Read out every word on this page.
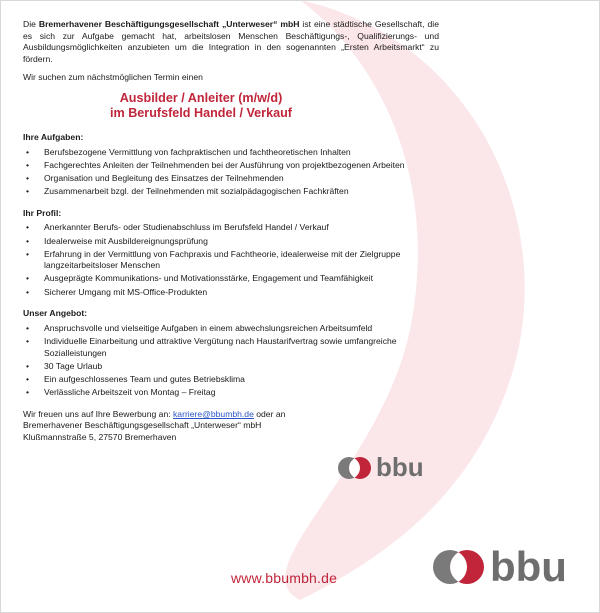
Die Bremerhavener Beschäftigungsgesellschaft „Unterweser“ mbH ist eine städtische Gesellschaft, die es sich zur Aufgabe gemacht hat, arbeitslosen Menschen Beschäftigungs-, Qualifizierungs- und Ausbildungsmöglichkeiten anzubieten um die Integration in den sogenannten „Ersten Arbeitsmarkt“ zu fördern.

Wir suchen zum nächstmöglichen Termin einen

Ausbilder / Anleiter (m/w/d)
im Berufsfeld Handel / Verkauf
Ihre Aufgaben:
• Berufsbezogene Vermittlung von fachpraktischen und fachtheoretischen Inhalten
• Fachgerechtes Anleiten der Teilnehmenden bei der Ausführung von projektbezogenen Arbeiten
• Organisation und Begleitung des Einsatzes der Teilnehmenden
• Zusammenarbeit bzgl. der Teilnehmenden mit sozialpädagogischen Fachkräften
Ihr Profil:
• Anerkannter Berufs- oder Studienabschluss im Berufsfeld Handel / Verkauf
• Idealerweise mit Ausbildereignungsprüfung
• Erfahrung in der Vermittlung von Fachpraxis und Fachtheorie, idealerweise mit der Zielgruppe langzeitarbeitsloser Menschen
• Ausgeprägte Kommunikations- und Motivationsstärke, Engagement und Teamfähigkeit
• Sicherer Umgang mit MS-Office-Produkten
Unser Angebot:
• Anspruchsvolle und vielseitige Aufgaben in einem abwechslungsreichen Arbeitsumfeld
• Individuelle Einarbeitung und attraktive Vergütung nach Haustarifvertrag sowie umfangreiche Sozialleistungen
• 30 Tage Urlaub
• Ein aufgeschlossenes Team und gutes Betriebsklima
• Verlässliche Arbeitszeit von Montag – Freitag

Wir freuen uns auf Ihre Bewerbung an: karriere@bbumbh.de oder an

Bremerhavener Beschäftigungsgesellschaft „Unterweser“ mbH

Klußmannstraße 5, 27570 Bremerhaven

bbu
bbu
www.bbumbh.de
